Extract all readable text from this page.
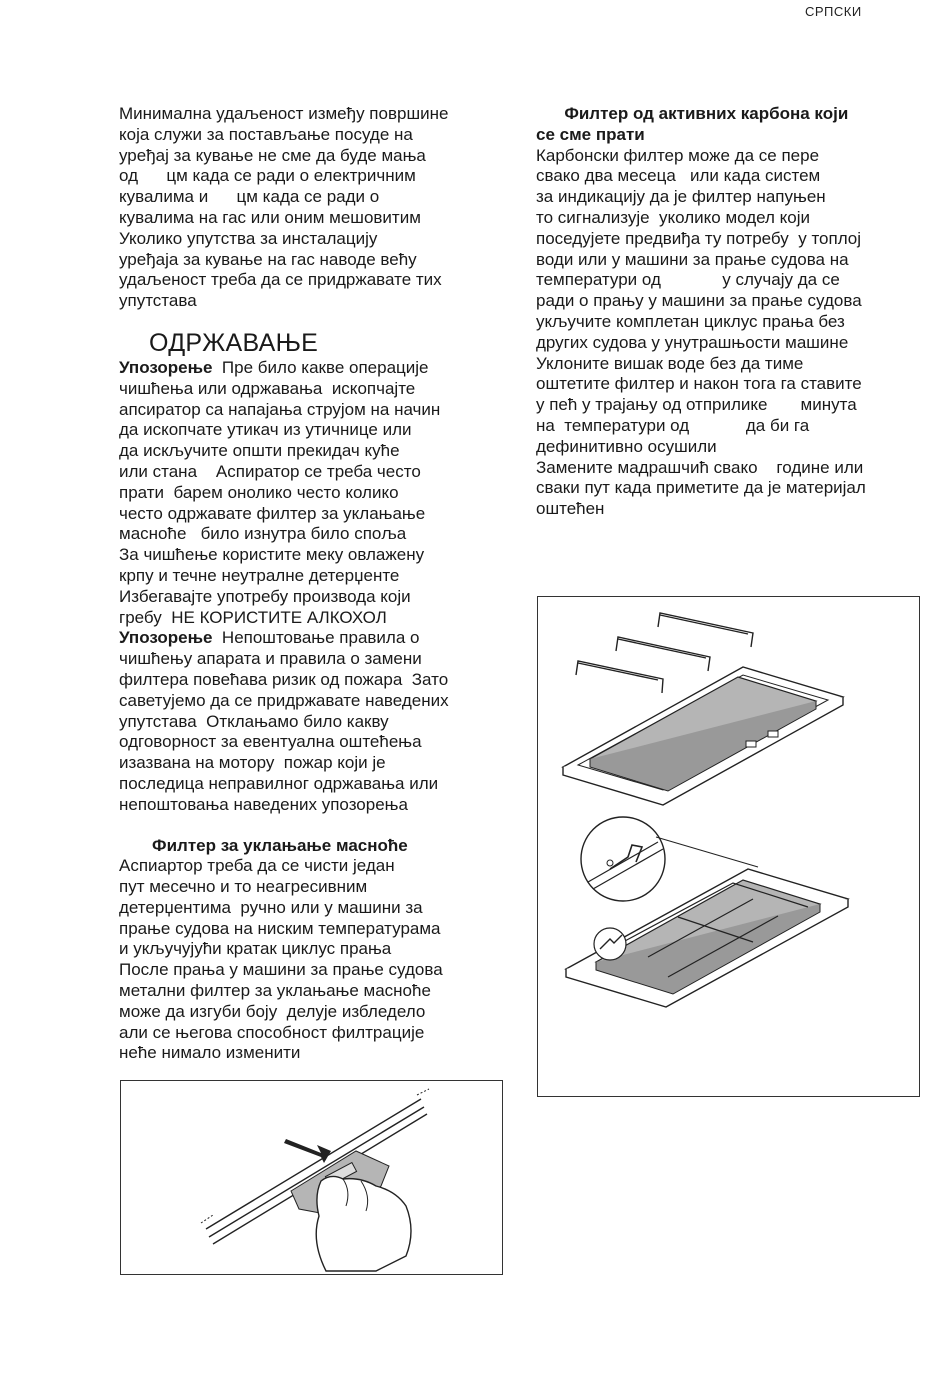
СРПСКИ
Минимална удаљеност између површине
која служи за постављање посуде на
уређај за кување не сме да буде мања
од      цм када се ради о електричним
кувалима и      цм када се ради о
кувалима на гас или оним мешовитим
Уколико упутства за инсталацију
уређаја за кување на гас наводе већу
удаљеност треба да се придржавате тих
упутстава
ОДРЖАВАЊЕ
Упозорење  Пре било какве операције
чишћења или одржавања  ископчајте
апсиратор са напајања струјом на начин
да ископчате утикач из утичнице или
да искључите општи прекидач куће
или стана    Аспиратор се треба често
прати  барем онолико често колико
често одржавате филтер за уклањање
масноће   било изнутра било споља
За чишћење користите меку овлажену
крпу и течне неутралне детерџенте
Избегавајте употребу производа који
гребу  НЕ КОРИСТИТЕ АЛКОХОЛ
Упозорење  Непоштовање правила о
чишћењу апарата и правила о замени
филтера повећава ризик од пожара  Зато
саветујемо да се придржавате наведених
упутстава  Отклањамо било какву
одговорност за евентуална оштећења
изазвана на мотору  пожар који је
последица неправилног одржавања или
непоштовања наведених упозорења
Филтер за уклањање масноће
Аспиартор треба да се чисти један
пут месечно и то неагресивним
детерџентима  ручно или у машини за
прање судова на ниским температурама
и укључујући кратак циклус прања
После прања у машини за прање судова
метални филтер за уклањање масноће
може да изгуби боју  делује избледело
али се његова способност филтрације
неће нимало изменити
Филтер од активних карбона који
се сме прати
Карбонски филтер може да се пере
свако два месеца   или када систем
за индикацију да је филтер напуњен
то сигнализује  уколико модел који
поседујете предвиђа ту потребу  у топлој
води или у машини за прање судова на
температури од             у случају да се
ради о прању у машини за прање судова
укључите комплетан циклус прања без
других судова у унутрашњости машине
Уклоните вишак воде без да тиме
оштетите филтер и након тога га ставите
у пећ у трајању од отприлике       минута
на  температури од            да би га
дефинитивно осушили
Замените мадрашчић свако    године или
сваки пут када приметите да је материјал
оштећен
